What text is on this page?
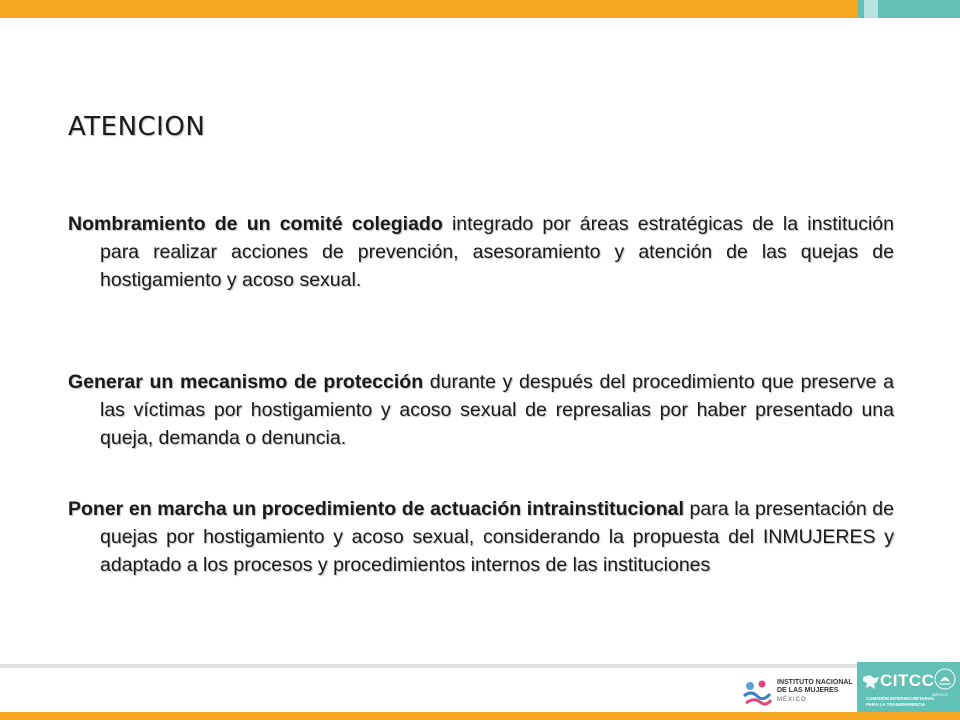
ATENCION
Nombramiento de un comité colegiado integrado por áreas estratégicas de la institución para realizar acciones de prevención, asesoramiento y atención de las quejas de hostigamiento y acoso sexual.
Generar un mecanismo de protección durante y después del procedimiento que preserve a las víctimas por hostigamiento y acoso sexual de represalias por haber presentado una queja, demanda o denuncia.
Poner en marcha un procedimiento de actuación intrainstitucional para la presentación de quejas por hostigamiento y acoso sexual, considerando la propuesta del INMUJERES y adaptado a los procesos y procedimientos internos de las instituciones
INSTITUTO NACIONAL
DE LAS MUJERES
MÉXICO
CITCC
COMISIÓN INTERSECRETARIAL
PARA LA TRANSPARENCIA
MÉXICO
